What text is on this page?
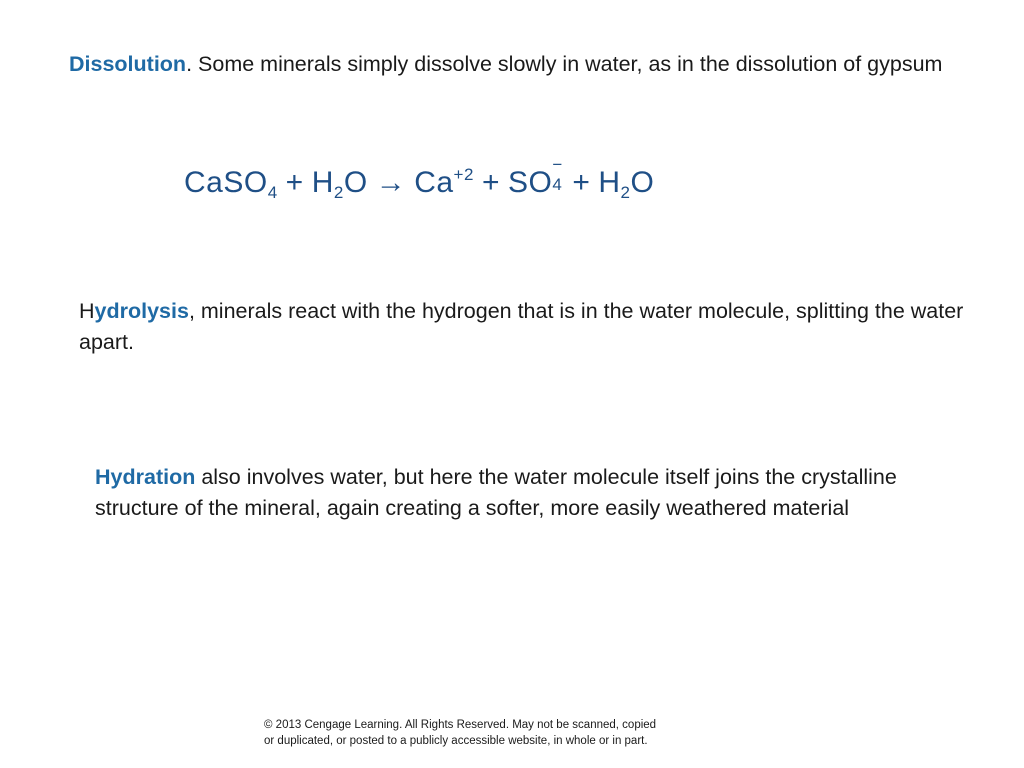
Dissolution. Some minerals simply dissolve slowly in water, as in the dissolution of gypsum
CaSO$_4$ + $H_2O \to Ca^{+2}$ + SO
−
$4 + H_2O$
Hydrolysis, minerals react with the hydrogen that is in the water molecule, splitting the water apart.
Hydration also involves water, but here the water molecule itself joins the crystalline structure of the mineral, again creating a softer, more easily weathered material
© 2013 Cengage Learning. All Rights Reserved. May not be scanned, copied
or duplicated, or posted to a publicly accessible website, in whole or in part.
